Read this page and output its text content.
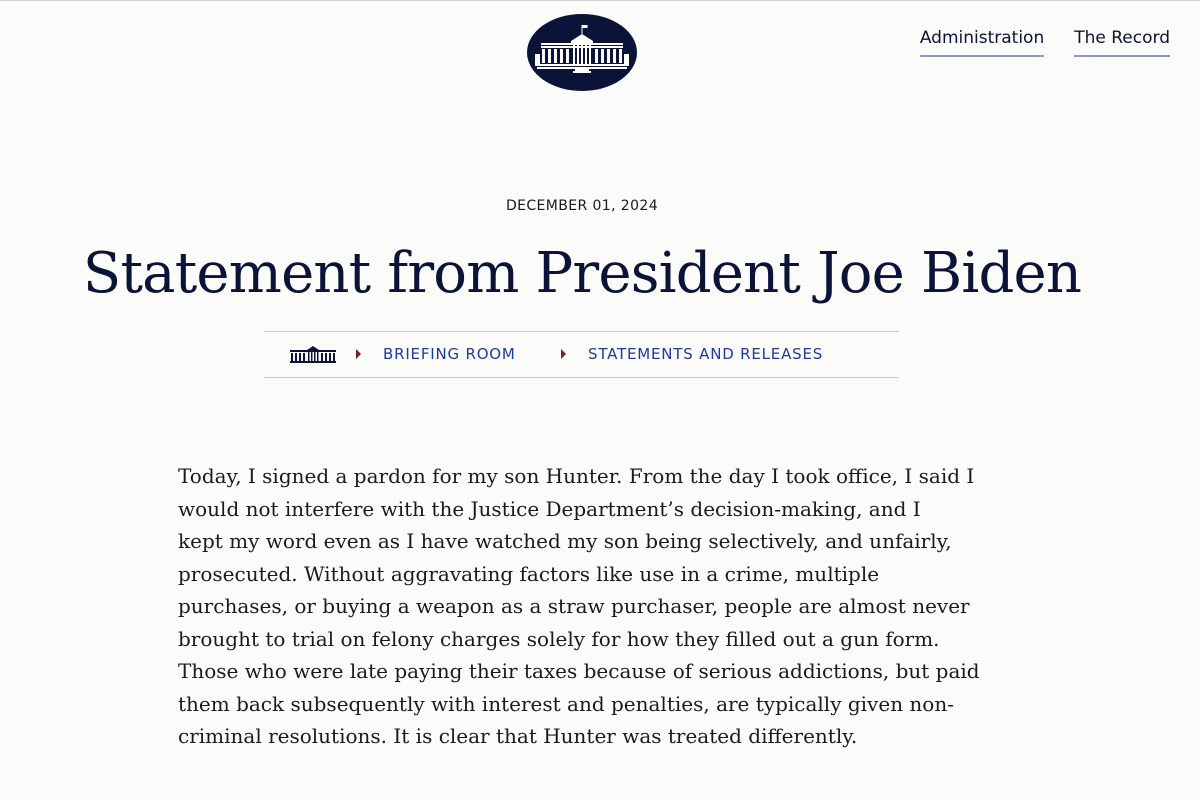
Administration The Record
DECEMBER 01, 2024
Statement from President Joe Biden
BRIEFING ROOM	STATEMENTS AND RELEASES

Today, I signed a pardon for my son Hunter. From the day I took office, I said I
would not interfere with the Justice Department’s decision-making, and I
kept my word even as I have watched my son being selectively, and unfairly,
prosecuted. Without aggravating factors like use in a crime, multiple
purchases, or buying a weapon as a straw purchaser, people are almost never
brought to trial on felony charges solely for how they filled out a gun form.
Those who were late paying their taxes because of serious addictions, but paid
them back subsequently with interest and penalties, are typically given non-
criminal resolutions. It is clear that Hunter was treated differently.
